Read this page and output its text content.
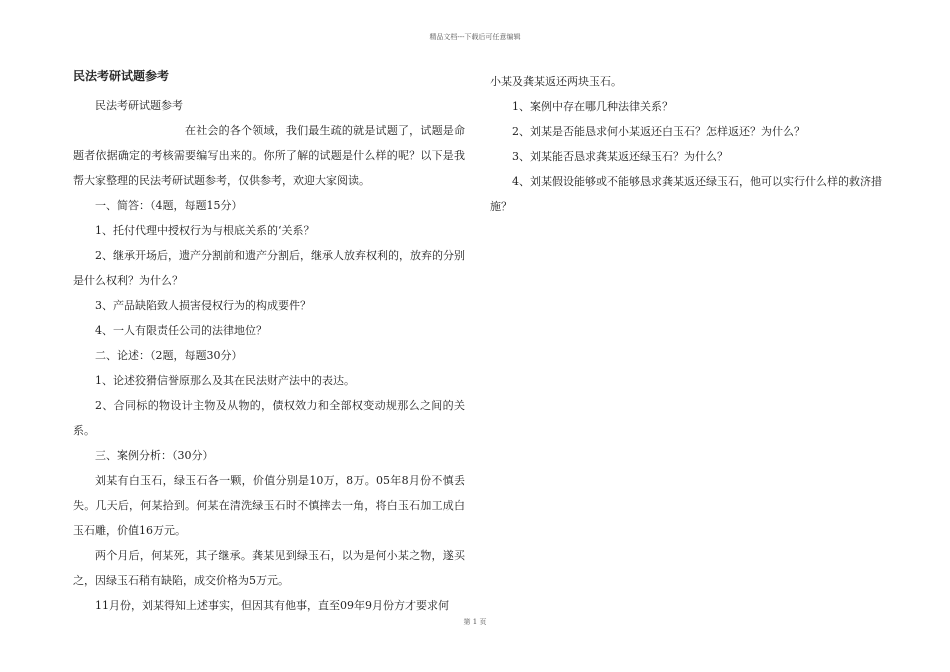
精品文档---下载后可任意编辑
民法考研试题参考

民法考研试题参考

在社会的各个领域，我们最生疏的就是试题了，试题是命题者依据确定的考核需要编写出来的。你所了解的试题是什么样的呢？以下是我帮大家整理的民法考研试题参考，仅供参考，欢迎大家阅读。

一、简答：（4题，每题15分）

1、托付代理中授权行为与根底关系的‘关系？

2、继承开场后，遗产分割前和遗产分割后，继承人放弃权利的，放弃的分别是什么权利？为什么？

3、产品缺陷致人损害侵权行为的构成要件？

4、一人有限责任公司的法律地位？

二、论述：（2题，每题30分）

1、论述狡猾信誉原那么及其在民法财产法中的表达。

2、合同标的物设计主物及从物的，债权效力和全部权变动规那么之间的关系。

三、案例分析：（30分）

刘某有白玉石，绿玉石各一颗，价值分别是10万，8万。05年8月份不慎丢失。几天后，何某拾到。何某在清洗绿玉石时不慎摔去一角，将白玉石加工成白玉石雕，价值16万元。

两个月后，何某死，其子继承。龚某见到绿玉石，以为是何小某之物，遂买之，因绿玉石稍有缺陷，成交价格为5万元。

11月份，刘某得知上述事实，但因其有他事，直至09年9月份方才要求何

小某及龚某返还两块玉石。

1、案例中存在哪几种法律关系？

2、刘某是否能恳求何小某返还白玉石？怎样返还？为什么？

3、刘某能否恳求龚某返还绿玉石？为什么？

4、刘某假设能够或不能够恳求龚某返还绿玉石，他可以实行什么样的救济措施？

第 1 页
